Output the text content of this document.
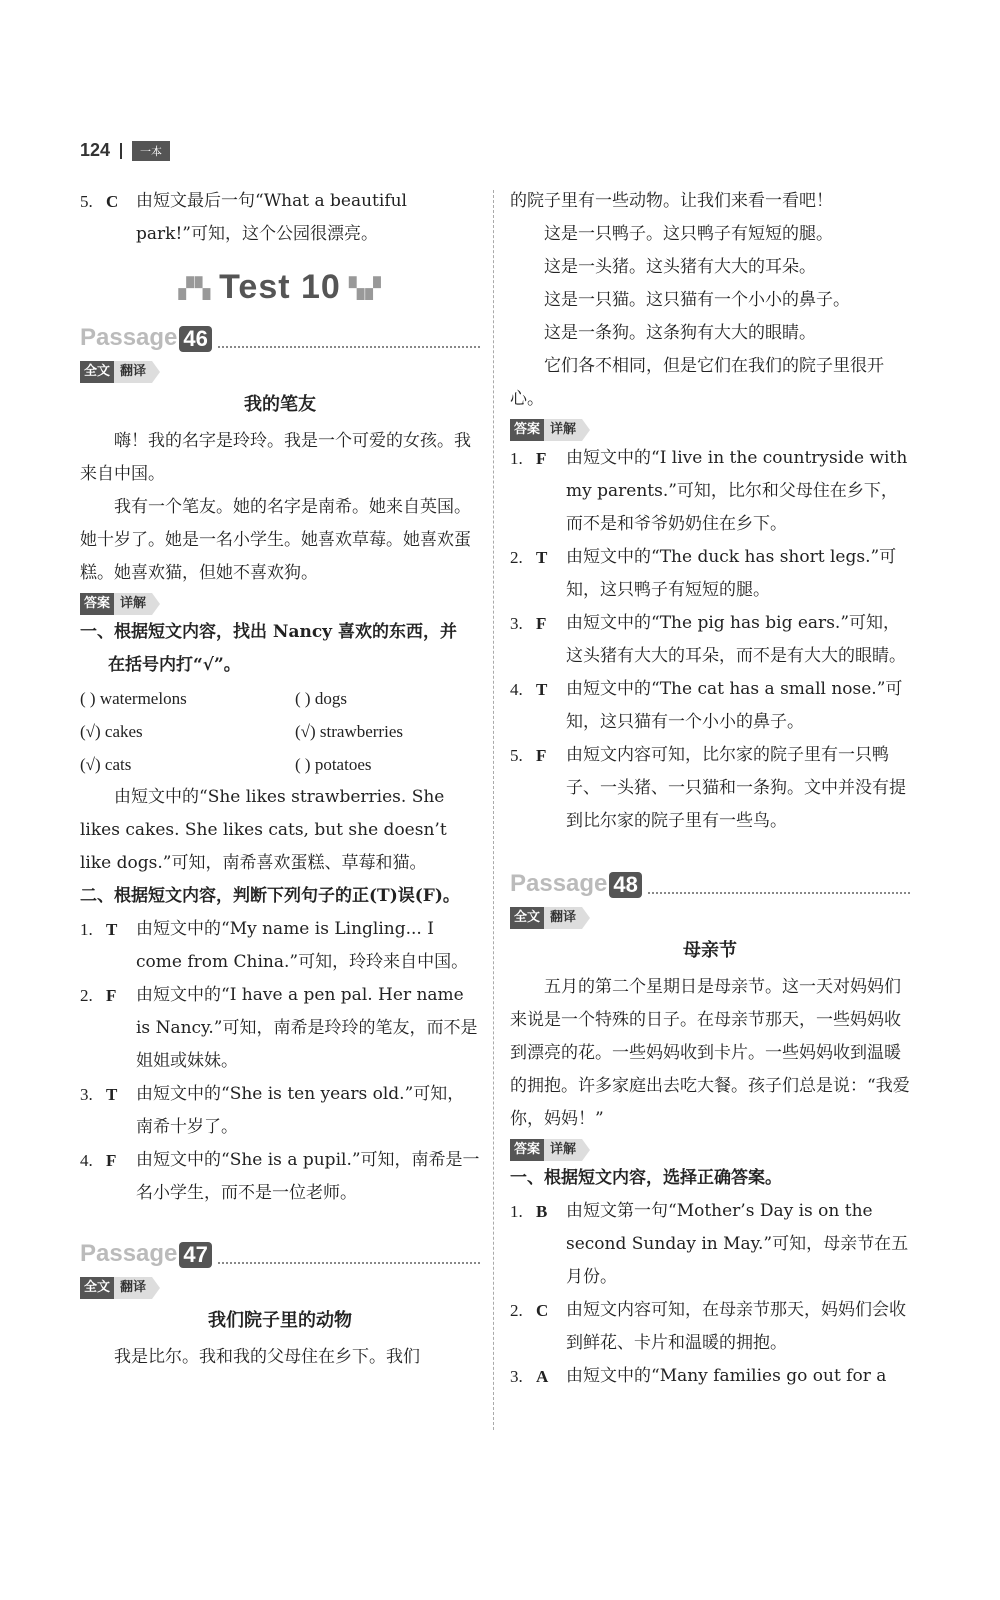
124	一本
5. C	由短文最后一句“What a beautiful park!”可知，这个公园很漂亮。
▞▚ Test 10 ▚▞
Passage 46
全文 翻译
我的笔友

嗨！我的名字是玲玲。我是一个可爱的女孩。我来自中国。

我有一个笔友。她的名字是南希。她来自英国。她十岁了。她是一名小学生。她喜欢草莓。她喜欢蛋糕。她喜欢猫，但她不喜欢狗。

答案 详解

一、根据短文内容，找出 Nancy 喜欢的东西，并

在括号内打“√”。

( ) watermelons	( ) dogs
(√) cakes	(√) strawberries
(√) cats	( ) potatoes

由短文中的“She likes strawberries. She likes cakes. She likes cats, but she doesn’t like dogs.”可知，南希喜欢蛋糕、草莓和猫。

二、根据短文内容，判断下列句子的正(T)误(F)。

1. T	由短文中的“My name is Lingling... I come from China.”可知，玲玲来自中国。
2. F	由短文中的“I have a pen pal. Her name is Nancy.”可知，南希是玲玲的笔友，而不是姐姐或妹妹。
3. T	由短文中的“She is ten years old.”可知，南希十岁了。
4. F	由短文中的“She is a pupil.”可知，南希是一名小学生，而不是一位老师。
Passage 47
全文 翻译
我们院子里的动物

我是比尔。我和我的父母住在乡下。我们

的院子里有一些动物。让我们来看一看吧！

这是一只鸭子。这只鸭子有短短的腿。

这是一头猪。这头猪有大大的耳朵。

这是一只猫。这只猫有一个小小的鼻子。

这是一条狗。这条狗有大大的眼睛。

它们各不相同，但是它们在我们的院子里很开心。

答案 详解
1. F	由短文中的“I live in the countryside with my parents.”可知，比尔和父母住在乡下，而不是和爷爷奶奶住在乡下。
2. T	由短文中的“The duck has short legs.”可知，这只鸭子有短短的腿。
3. F	由短文中的“The pig has big ears.”可知，这头猪有大大的耳朵，而不是有大大的眼睛。
4. T	由短文中的“The cat has a small nose.”可知，这只猫有一个小小的鼻子。
5. F	由短文内容可知，比尔家的院子里有一只鸭子、一头猪、一只猫和一条狗。文中并没有提到比尔家的院子里有一些鸟。
Passage 48
全文 翻译
母亲节

五月的第二个星期日是母亲节。这一天对妈妈们来说是一个特殊的日子。在母亲节那天，一些妈妈收到漂亮的花。一些妈妈收到卡片。一些妈妈收到温暖的拥抱。许多家庭出去吃大餐。孩子们总是说：“我爱你，妈妈！”

答案 详解

一、根据短文内容，选择正确答案。

1. B	由短文第一句“Mother’s Day is on the second Sunday in May.”可知，母亲节在五月份。
2. C	由短文内容可知，在母亲节那天，妈妈们会收到鲜花、卡片和温暖的拥抱。
3. A	由短文中的“Many families go out for a
